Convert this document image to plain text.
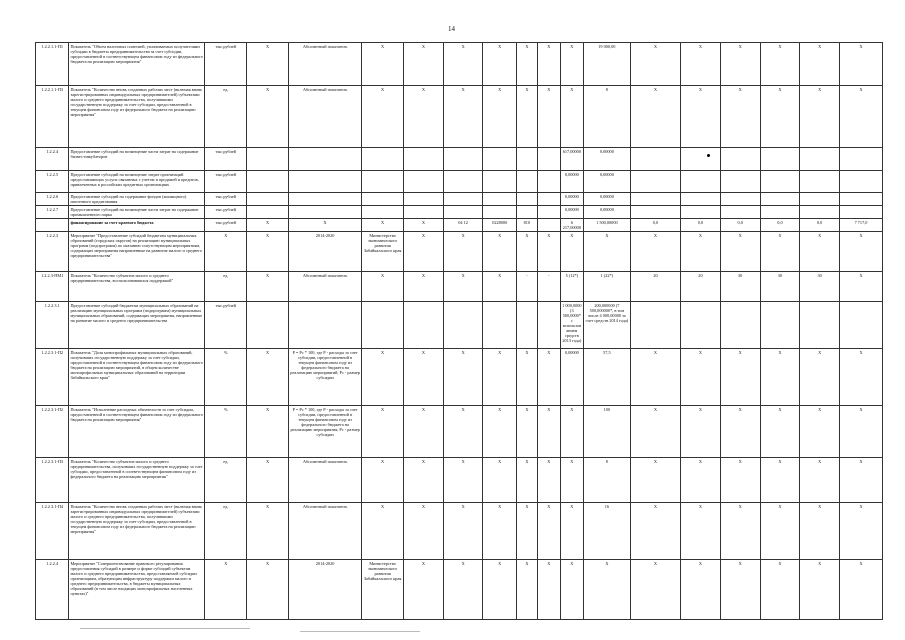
14
1.2.2.1.1-П1	Показатель "Объем налоговых платежей, уплачиваемых получателями субсидии в бюджеты предпринимательства за счет субсидии, предоставленной в соответствующем финансовом году из федерального бюджета на реализацию мероприятия"	тыс.рублей	X	Абсолютный показатель	X	X	X	X	X	X	X	19 000,00	X	X	X	X	X	X
1.2.2.1.1-П3	Показатель "Количество вновь созданных рабочих мест (включая вновь зарегистрированных индивидуальных предпринимателей) субъектами малого и среднего предпринимательства, получившими государственную поддержку за счет субсидии, предоставленной в текущем финансовом году из федерального бюджета на реализацию мероприятия"	ед.	X	Абсолютный показатель	X	X	X	X	X	X	X	8	X	X	X	X	X	X
1.2.2.4	Предоставление субсидий на возмещение части затрат на содержание бизнес-инкубаторов	тыс.рублей									617,00000	0,00000						
1.2.2.5	Предоставление субсидий на возмещение затрат организаций предоставляющих услуги связанных с учетом и продажей и кредитов, привлеченных в российских кредитных организациях	тыс.рублей									0,00000	0,00000						
1.2.2.6	Предоставление субсидий на содержание фондов (жилищного) ипотечного кредитования	тыс.рублей									0,00000	0,00000						
1.2.2.7	Предоставление субсидий на возмещение части затрат на содержание промышленного парка	тыс.рублей									0,00000	0,00000						
	финансирование за счет краевого бюджета	тыс.рублей	X	X	X	X	04 12	0228000	810		6 217,00000	1 500,00000	0,0	0,0	0,0	0,0	0,0	7 717,0
1.2.2.3	Мероприятие "Предоставление субсидий бюджетам муниципальных образований (городских округов) на реализацию муниципальных программ (подпрограмм) по оказанию сопутствующим мероприятиям, содержащих мероприятия направленные на развитие малого и среднего предпринимательства"	X	X	2014-2020	Министерство экономического развития Забайкальского края	X	X	X	X	X	X	X	X	X	X	X	X	X
1.2.2.3-ПМ1	Показатель "Количество субъектов малого и среднего предпринимательства, воспользовавшихся поддержкой"	ед.	X	Абсолютный показатель	X	X	X	X	-	-	5 (12*)	1 (22*)	20	20	30	30	30	X
1.2.2.3.1	Предоставление субсидий бюджетам муниципальных образований на реализацию муниципальных программ (подпрограмм) муниципальных муниципальных образований, содержащих мероприятия, направленные на развитие малого и среднего предпринимательства	тыс.рублей									1 000,0000 (3 500,0000* с использованием средств 2013 года)	200,000000 (7 500,000000*, в том числе 4 000,00000 за счет средств 2014 года)						
1.2.2.3.1-П2	Показатель "Доля монопрофильных муниципальных образований, получивших государственную поддержку за счет субсидии, предоставленной в соответствующем финансовом году из федерального бюджета на реализацию мероприятий, в общем количестве монопрофильных муниципальных образований на территории Забайкальского края"	%	X	P = Рс * 100, где P - расходы за счет субсидии, предоставленной в текущем финансовом году из федерального бюджета на реализацию мероприятий, Рс - размер субсидии	X	X	X	X	X	X	0,00000	57,5	X	X	X	X	X	X
1.2.2.3.1-П2	Показатель "Исполнение расходных обязательств за счет субсидии, предоставленной в соответствующем финансовом году из федерального бюджета на реализацию мероприятия"	%	X	P = Рс * 100, где P - расходы за счет субсидии, предоставленной в текущем финансовом году из федерального бюджета на реализацию мероприятия, Рс - размер субсидии	X	X	X	X	X	X	X	100	X	X	X	X	X	X
1.2.2.3.1-П3	Показатель "Количество субъектов малого и среднего предпринимательства, получивших государственную поддержку за счет субсидии, предоставленной в соответствующем финансовом году из федерального бюджета на реализацию мероприятия"	ед.	X	Абсолютный показатель	X	X	X	X	X	X	X	8	X	X	X	X	X	X
1.2.2.3.1-П4	Показатель "Количество вновь созданных рабочих мест (включая вновь зарегистрированных индивидуальных предпринимателей) субъектами малого и среднего предпринимательства, получившими государственную поддержку за счет субсидии, предоставленной в текущем финансовом году из федерального бюджета на реализацию мероприятия"	ед.	X	Абсолютный показатель	X	X	X	X	X	X	X	16	X	X	X	X	X	X
1.2.2.4	Мероприятие "Совершенствование правового регулирования предоставления субсидий в размере и форме субсидий субъектам малого и среднего предпринимательства, предоставляемой субсидии организациям, образующим инфраструктуру поддержки малого и среднего предпринимательства, в бюджеты муниципальных образований (в том числе входящих монопрофильных населенных пунктах)"	X	X	2014-2020	Министерство экономического развития Забайкальского края	X	X	X	X	X	X	X	X	X	X	X	X	X
